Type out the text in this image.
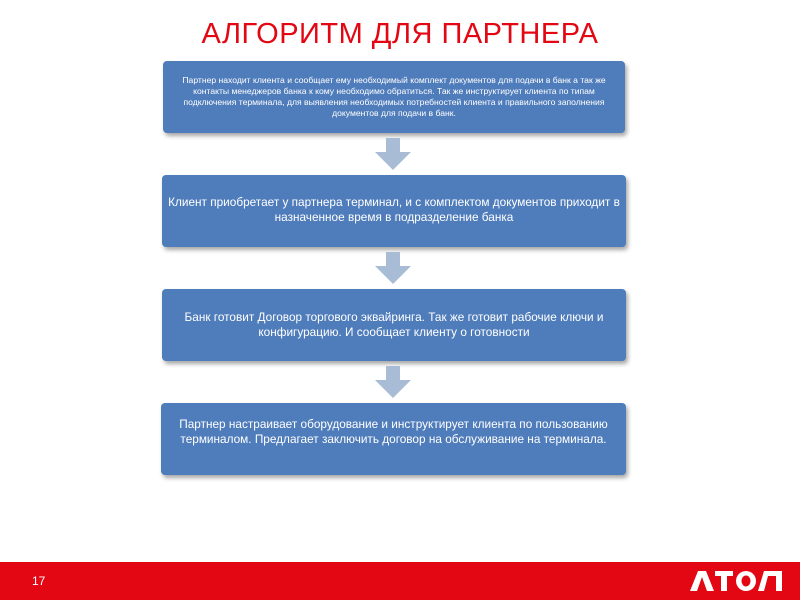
АЛГОРИТМ ДЛЯ ПАРТНЕРА
Партнер находит клиента и сообщает ему необходимый комплект документов для подачи в банк а так же контакты менеджеров банка к кому необходимо обратиться. Так же инструктирует клиента по типам подключения терминала, для выявления необходимых потребностей клиента и правильного заполнения документов для подачи в банк.
Клиент приобретает у партнера терминал, и с комплектом документов приходит в назначенное время в подразделение банка
Банк готовит Договор торгового эквайринга. Так же готовит рабочие ключи и конфигурацию. И сообщает клиенту о готовности
Партнер настраивает оборудование и инструктирует клиента по пользованию терминалом. Предлагает заключить договор на обслуживание на терминала.
17
